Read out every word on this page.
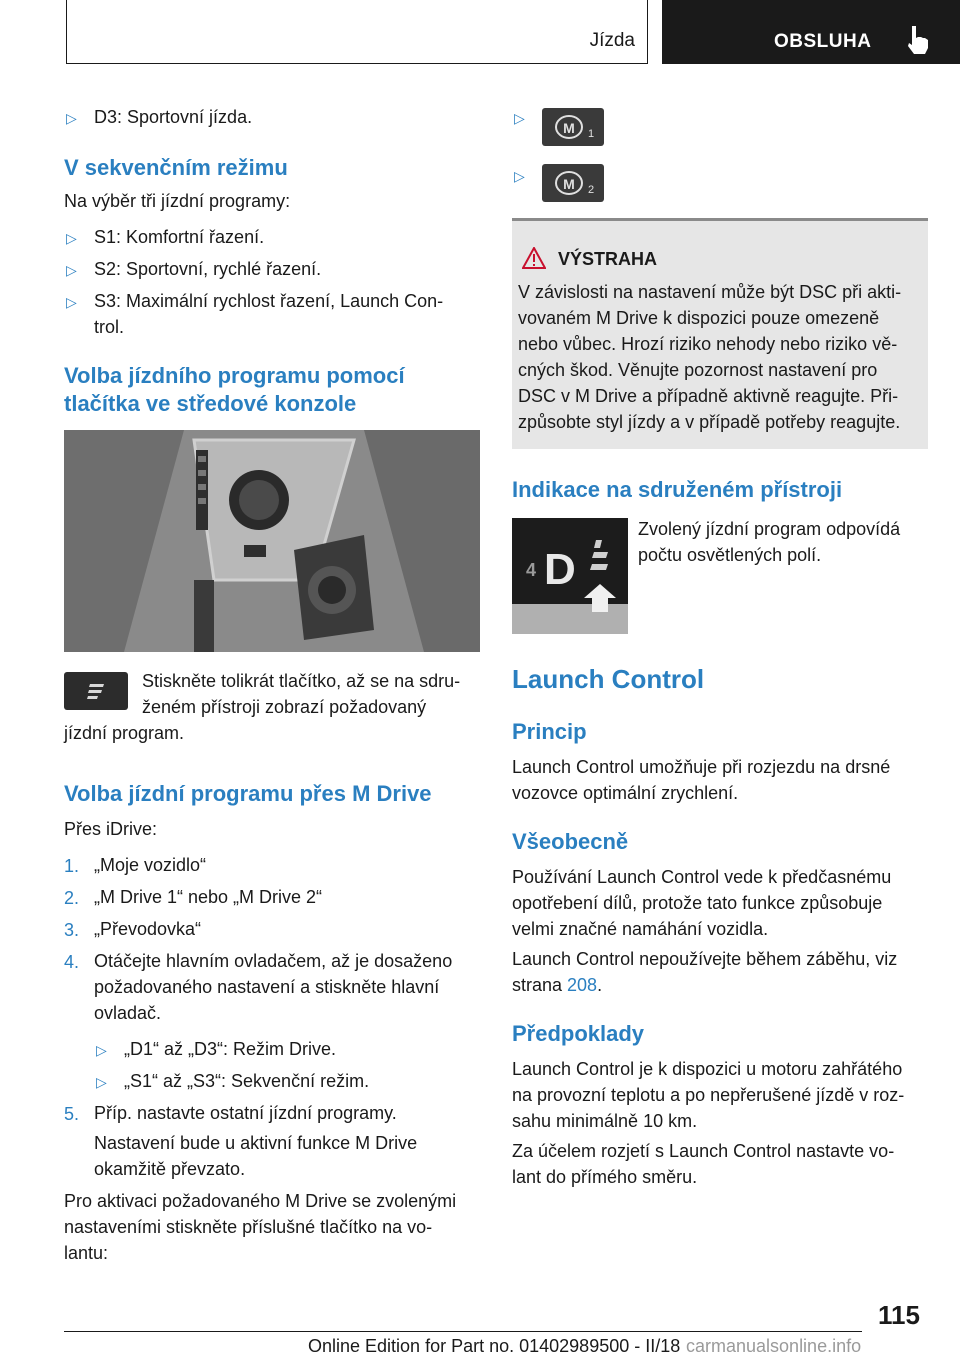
Jízda	OBSLUHA
▷ D3: Sportovní jízda.
V sekvenčním režimu
Na výběr tři jízdní programy:
▷ S1: Komfortní řazení.
▷ S2: Sportovní, rychlé řazení.
▷ S3: Maximální rychlost řazení, Launch Con‐
trol.
Volba jízdního programu pomocí
tlačítka ve středové konzole
Stiskněte tolikrát tlačítko, až se na sdru‐
ženém přístroji zobrazí požadovaný
jízdní program.
Volba jízdní programu přes M Drive
Přes iDrive:
1. „Moje vozidlo“
2. „M Drive 1“ nebo „M Drive 2“
3. „Převodovka“
4. Otáčejte hlavním ovladačem, až je dosaženo
požadovaného nastavení a stiskněte hlavní
ovladač.
▷ „D1“ až „D3“: Režim Drive.
▷ „S1“ až „S3“: Sekvenční režim.
5. Příp. nastavte ostatní jízdní programy.
Nastavení bude u aktivní funkce M Drive
okamžitě převzato.
Pro aktivaci požadovaného M Drive se zvolenými
nastaveními stiskněte příslušné tlačítko na vo‐
lantu:
▷
M 1
▷	M 2
VÝSTRAHA
V závislosti na nastavení může být DSC při akti‐
vovaném M Drive k dispozici pouze omezeně
nebo vůbec. Hrozí riziko nehody nebo riziko vě‐
cných škod. Věnujte pozornost nastavení pro
DSC v M Drive a případně aktivně reagujte. Při‐
způsobte styl jízdy a v případě potřeby reagujte.
Indikace na sdruženém přístroji
4 D
Zvolený jízdní program odpovídá
počtu osvětlených polí.
Launch Control
Princip
Launch Control umožňuje při rozjezdu na drsné
vozovce optimální zrychlení.
Všeobecně
Používání Launch Control vede k předčasnému
opotřebení dílů, protože tato funkce způsobuje
velmi značné namáhání vozidla.
Launch Control nepoužívejte během záběhu, viz
strana 208.
Předpoklady
Launch Control je k dispozici u motoru zahřátého
na provozní teplotu a po nepřerušené jízdě v roz‐
sahu minimálně 10 km.
Za účelem rozjetí s Launch Control nastavte vo‐
lant do přímého směru.
115
Online Edition for Part no. 01402989500 - II/18 carmanualsonline.info
